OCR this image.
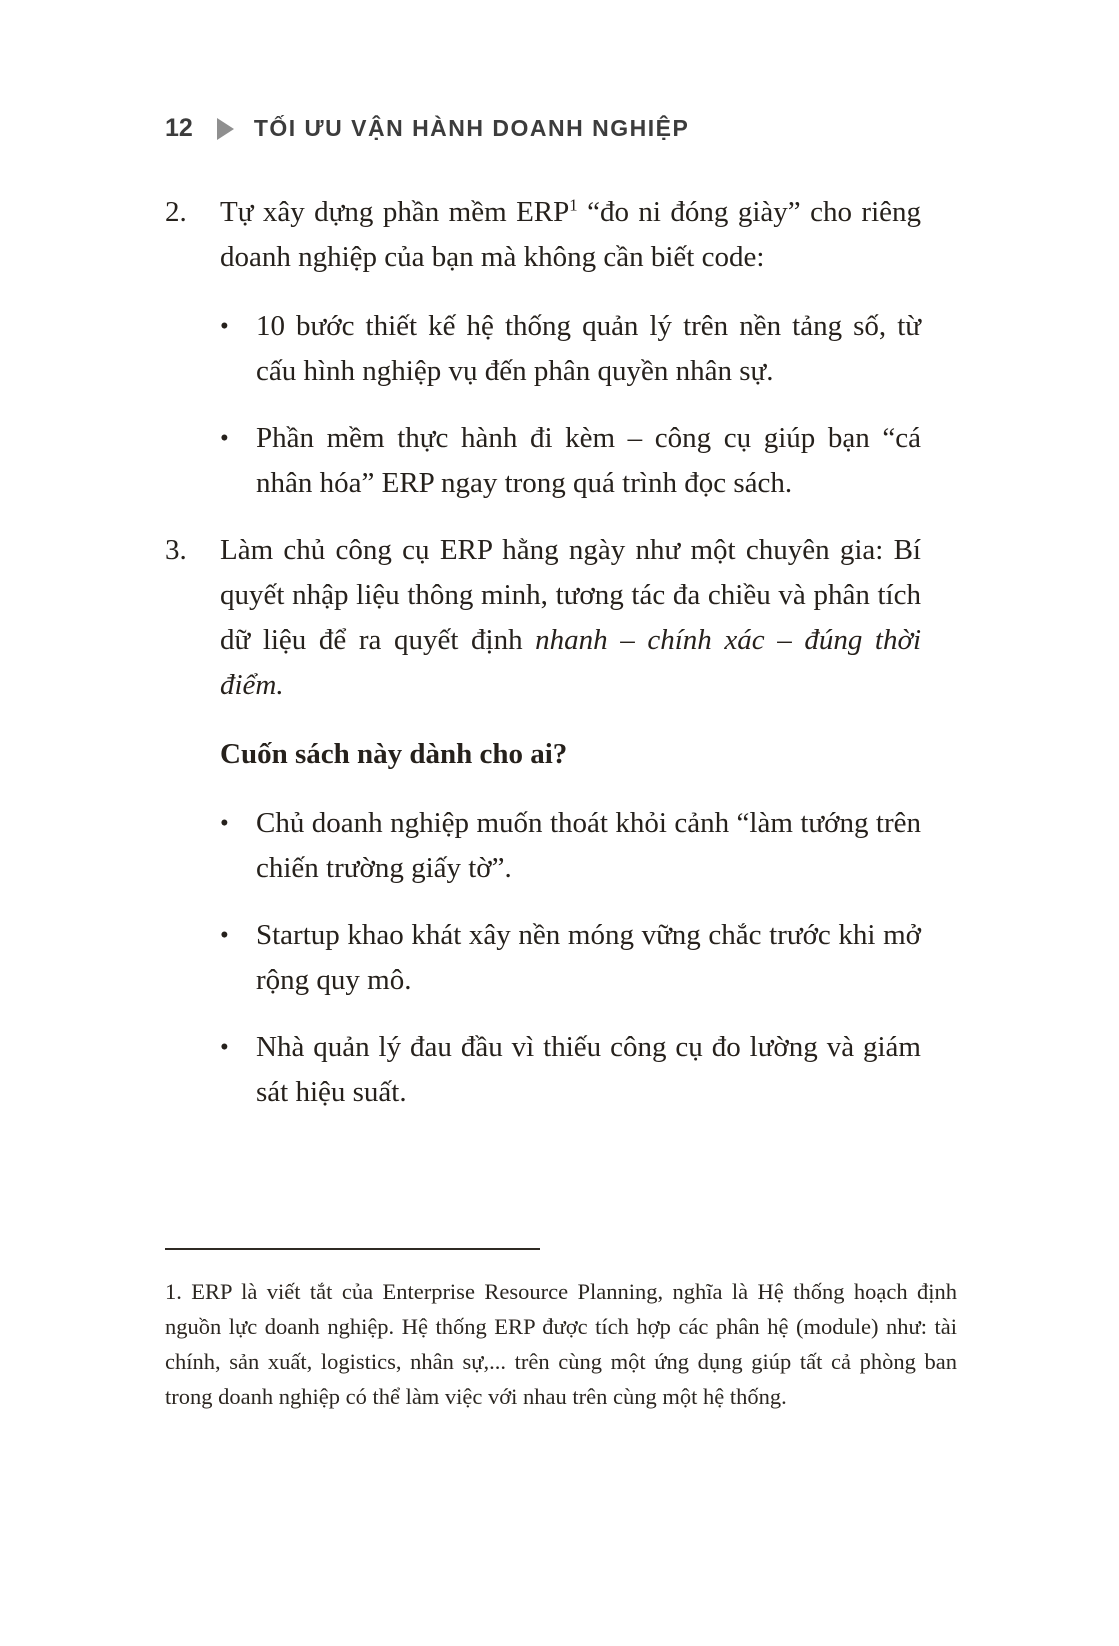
12	TỐI ƯU VẬN HÀNH DOANH NGHIỆP
2.	Tự xây dựng phần mềm ERP$^1$ “đo ni đóng giày” cho riêng doanh nghiệp của bạn mà không cần biết code:
• 10 bước thiết kế hệ thống quản lý trên nền tảng số, từ cấu hình nghiệp vụ đến phân quyền nhân sự.
• Phần mềm thực hành đi kèm – công cụ giúp bạn “cá nhân hóa” ERP ngay trong quá trình đọc sách.
3.	Làm chủ công cụ ERP hằng ngày như một chuyên gia: Bí quyết nhập liệu thông minh, tương tác đa chiều và phân tích dữ liệu để ra quyết định nhanh – chính xác – đúng thời điểm.
Cuốn sách này dành cho ai?
• Chủ doanh nghiệp muốn thoát khỏi cảnh “làm tướng trên chiến trường giấy tờ”.
• Startup khao khát xây nền móng vững chắc trước khi mở rộng quy mô.
• Nhà quản lý đau đầu vì thiếu công cụ đo lường và giám sát hiệu suất.
1. ERP là viết tắt của Enterprise Resource Planning, nghĩa là Hệ thống hoạch định nguồn lực doanh nghiệp. Hệ thống ERP được tích hợp các phân hệ (module) như: tài chính, sản xuất, logistics, nhân sự,... trên cùng một ứng dụng giúp tất cả phòng ban trong doanh nghiệp có thể làm việc với nhau trên cùng một hệ thống.
